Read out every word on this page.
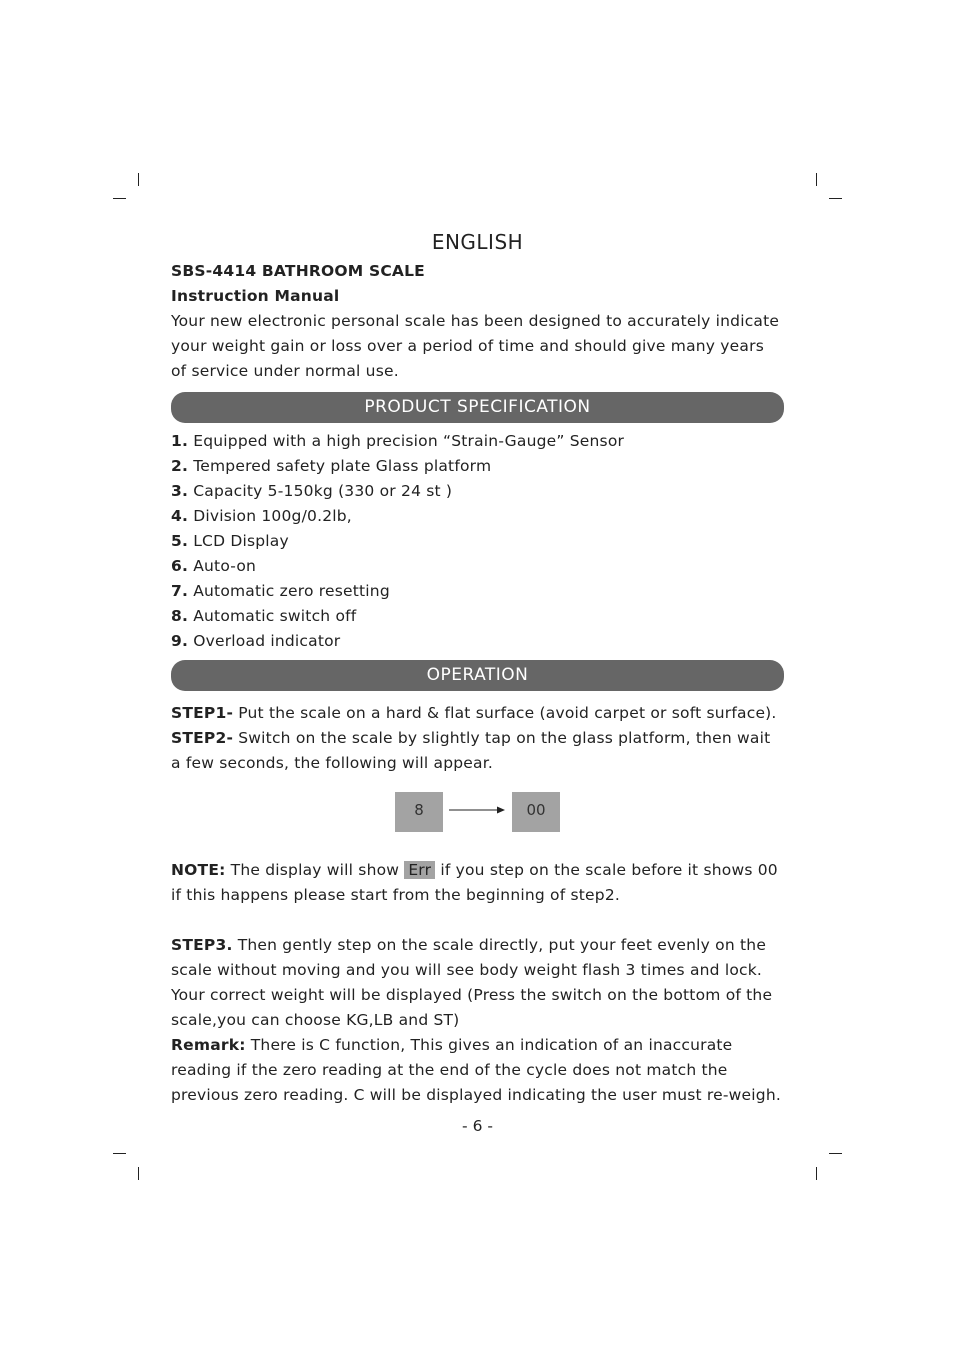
ENGLISH

SBS-4414 BATHROOM SCALE

Instruction Manual

Your new electronic personal scale has been designed to accurately indicate your weight gain or loss over a period of time and should give many years of service under normal use.

PRODUCT SPECIFICATION
1. Equipped with a high precision “Strain-Gauge” Sensor
2. Tempered safety plate Glass platform
3. Capacity 5-150kg (330 or 24 st )
4. Division 100g/0.2lb,
5. LCD Display
6. Auto-on
7. Automatic zero resetting
8. Automatic switch off
9. Overload indicator
OPERATION

STEP1- Put the scale on a hard & flat surface (avoid carpet or soft surface).

STEP2- Switch on the scale by slightly tap on the glass platform, then wait a few seconds, the following will appear.

8	00

NOTE: The display will show Err if you step on the scale before it shows 00 if this happens please start from the beginning of step2.

STEP3. Then gently step on the scale directly, put your feet evenly on the scale without moving and you will see body weight flash 3 times and lock. Your correct weight will be displayed (Press the switch on the bottom of the scale,you can choose KG,LB and ST)

Remark: There is C function, This gives an indication of an inaccurate reading if the zero reading at the end of the cycle does not match the previous zero reading. C will be displayed indicating the user must re-weigh.

- 6 -
